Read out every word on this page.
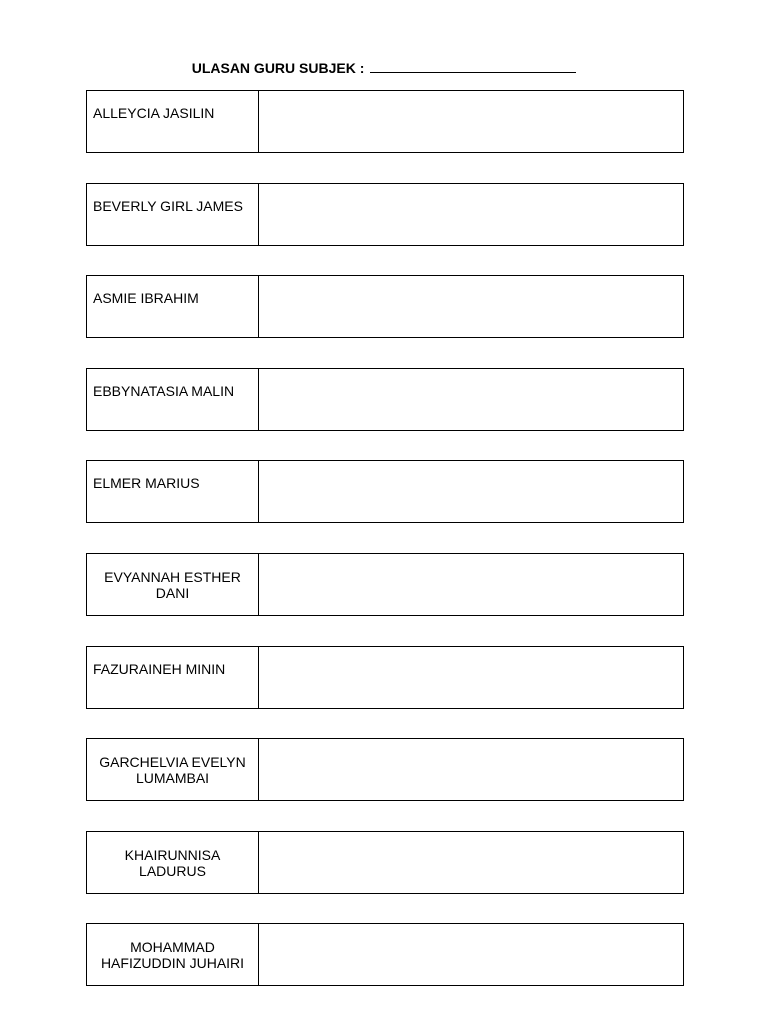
ULASAN GURU SUBJEK :
ALLEYCIA JASILIN
BEVERLY GIRL JAMES
ASMIE IBRAHIM
EBBYNATASIA MALIN
ELMER MARIUS
EVYANNAH ESTHER DANI
FAZURAINEH MININ
GARCHELVIA EVELYN LUMAMBAI
KHAIRUNNISA LADURUS
MOHAMMAD HAFIZUDDIN JUHAIRI
